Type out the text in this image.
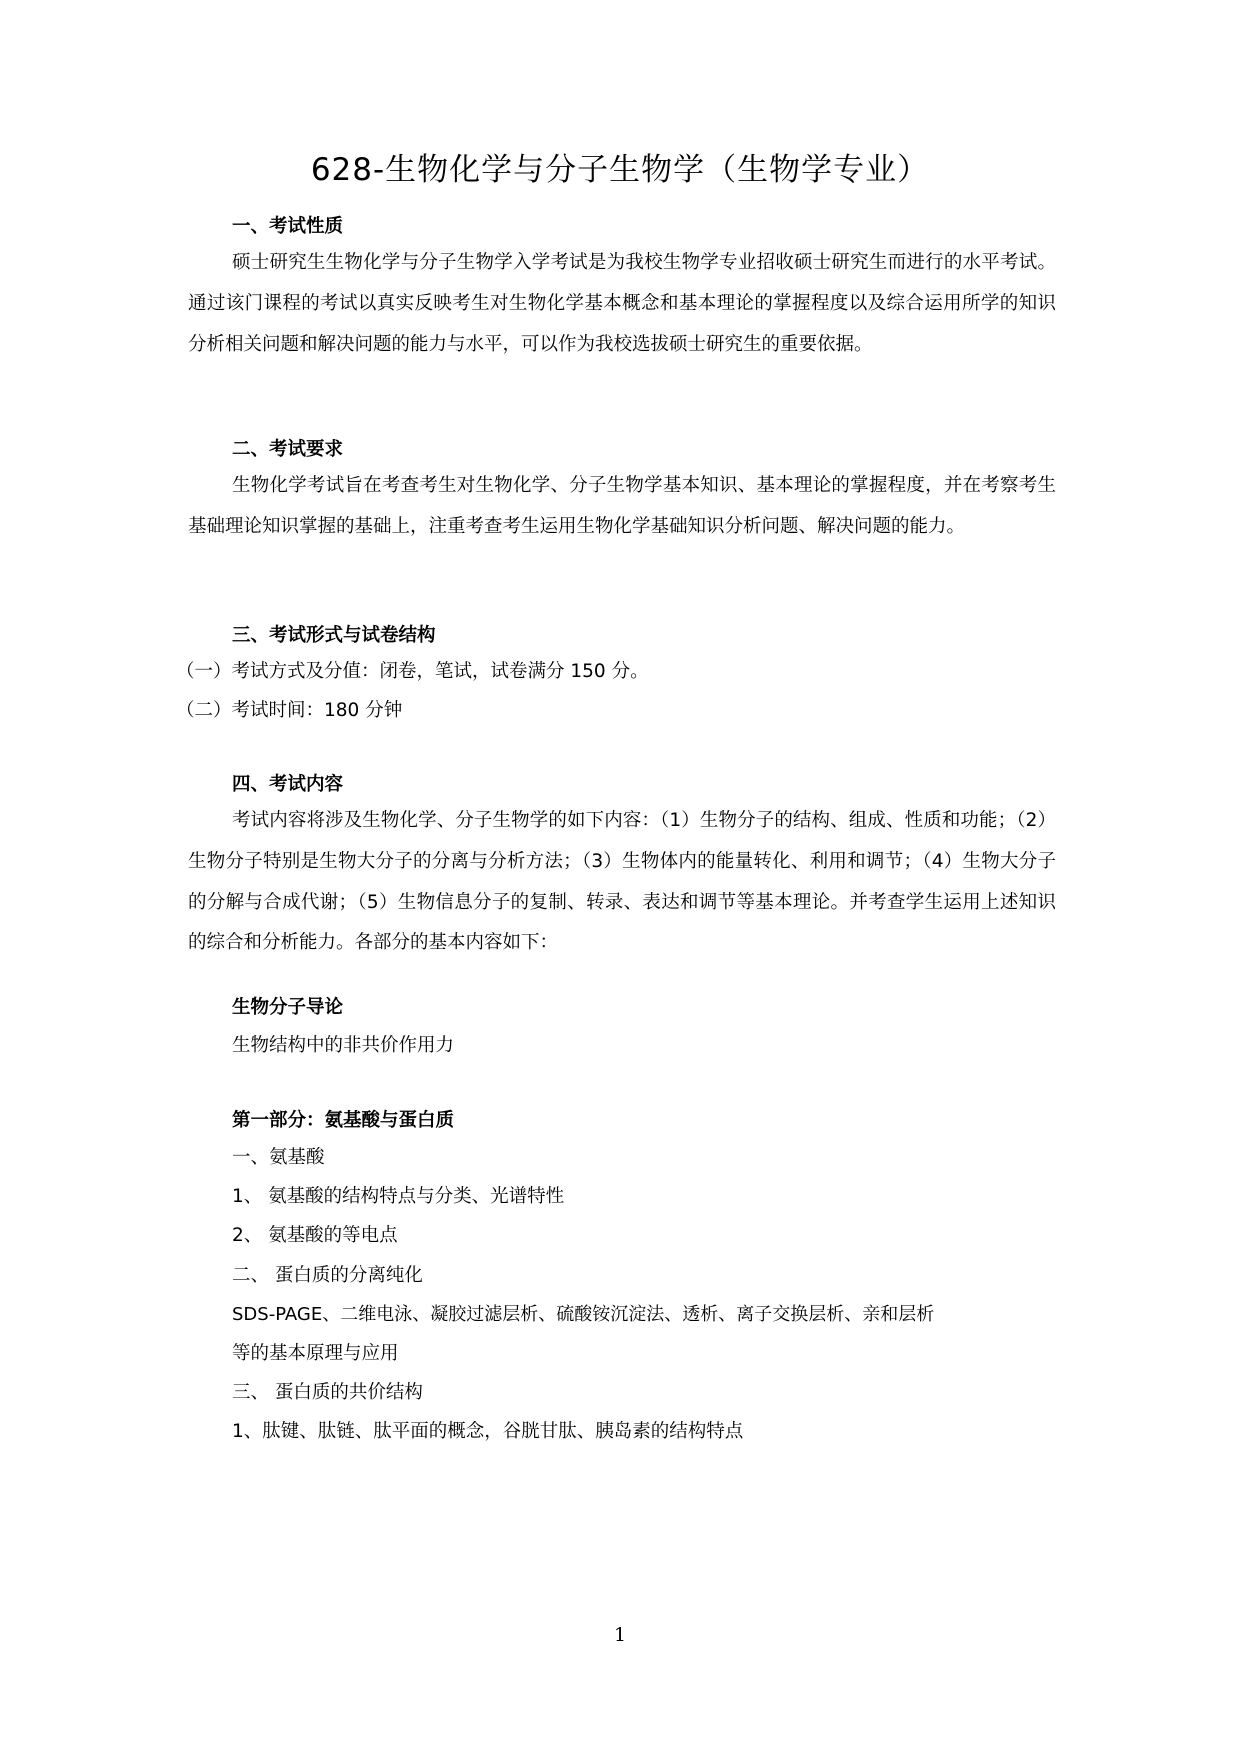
628-生物化学与分子生物学（生物学专业）
一、考试性质
硕士研究生生物化学与分子生物学入学考试是为我校生物学专业招收硕士研究生而进行的水平考试。通过该门课程的考试以真实反映考生对生物化学基本概念和基本理论的掌握程度以及综合运用所学的知识分析相关问题和解决问题的能力与水平，可以作为我校选拔硕士研究生的重要依据。
二、考试要求
生物化学考试旨在考查考生对生物化学、分子生物学基本知识、基本理论的掌握程度，并在考察考生基础理论知识掌握的基础上，注重考查考生运用生物化学基础知识分析问题、解决问题的能力。
三、考试形式与试卷结构
（一）考试方式及分值：闭卷，笔试，试卷满分 150 分。
（二）考试时间：180 分钟
四、考试内容
考试内容将涉及生物化学、分子生物学的如下内容：（1）生物分子的结构、组成、性质和功能；（2）生物分子特别是生物大分子的分离与分析方法；（3）生物体内的能量转化、利用和调节；（4）生物大分子的分解与合成代谢；（5）生物信息分子的复制、转录、表达和调节等基本理论。并考查学生运用上述知识的综合和分析能力。各部分的基本内容如下：
生物分子导论
生物结构中的非共价作用力
第一部分：氨基酸与蛋白质
一、氨基酸
1、 氨基酸的结构特点与分类、光谱特性
2、 氨基酸的等电点
二、 蛋白质的分离纯化
SDS-PAGE、二维电泳、凝胶过滤层析、硫酸铵沉淀法、透析、离子交换层析、亲和层析
等的基本原理与应用
三、 蛋白质的共价结构
1、肽键、肽链、肽平面的概念，谷胱甘肽、胰岛素的结构特点
1
